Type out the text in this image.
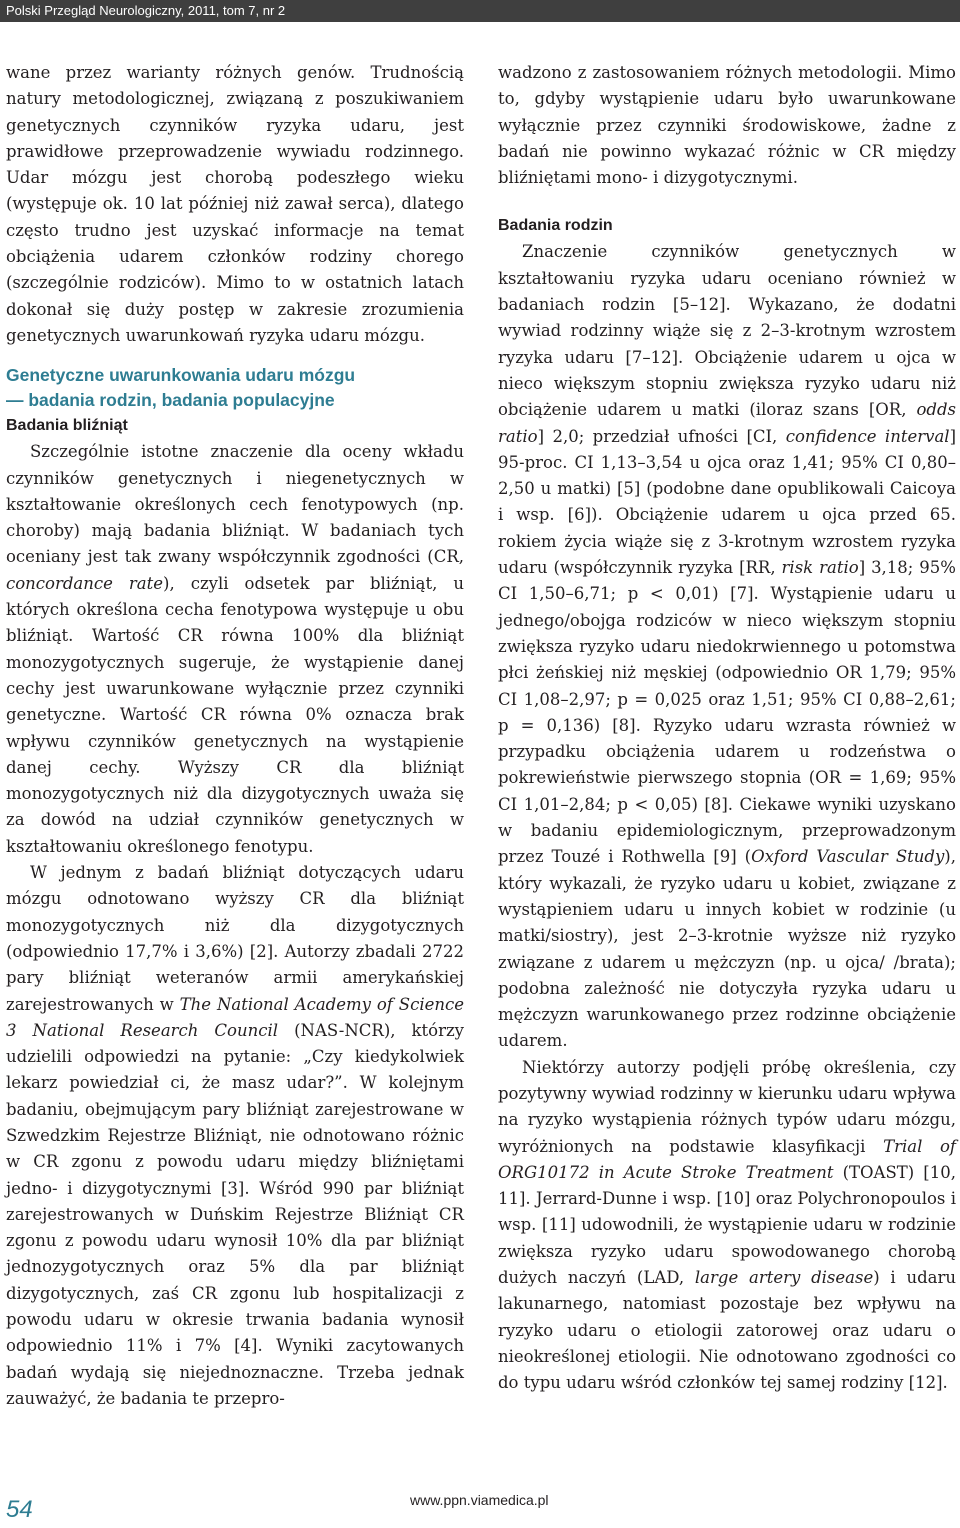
Polski Przegląd Neurologiczny, 2011, tom 7, nr 2

wane przez warianty różnych genów. Trudnością natury metodologicznej, związaną z poszukiwaniem genetycznych czynników ryzyka udaru, jest prawidłowe przeprowadzenie wywiadu rodzinnego. Udar mózgu jest chorobą podeszłego wieku (występuje ok. 10 lat później niż zawał serca), dlatego często trudno jest uzyskać informacje na temat obciążenia udarem członków rodziny chorego (szczególnie rodziców). Mimo to w ostatnich latach dokonał się duży postęp w zakresie zrozumienia genetycznych uwarunkowań ryzyka udaru mózgu.

Genetyczne uwarunkowania udaru mózgu
— badania rodzin, badania populacyjne
Badania bliźniąt

Szczególnie istotne znaczenie dla oceny wkładu czynników genetycznych i niegenetycznych w kształtowanie określonych cech fenotypowych (np. choroby) mają badania bliźniąt. W badaniach tych oceniany jest tak zwany współczynnik zgodności (CR, concordance rate), czyli odsetek par bliźniąt, u których określona cecha fenotypowa występuje u obu bliźniąt. Wartość CR równa 100% dla bliźniąt monozygotycznych sugeruje, że wystąpienie danej cechy jest uwarunkowane wyłącznie przez czynniki genetyczne. Wartość CR równa 0% oznacza brak wpływu czynników genetycznych na wystąpienie danej cechy. Wyższy CR dla bliźniąt monozygotycznych niż dla dizygotycznych uważa się za dowód na udział czynników genetycznych w kształtowaniu określonego fenotypu.

W jednym z badań bliźniąt dotyczących udaru mózgu odnotowano wyższy CR dla bliźniąt monozygotycznych niż dla dizygotycznych (odpowiednio 17,7% i 3,6%) [2]. Autorzy zbadali 2722 pary bliźniąt weteranów armii amerykańskiej zarejestrowanych w The National Academy of Science 3 National Research Council (NAS-NCR), którzy udzielili odpowiedzi na pytanie: „Czy kiedykolwiek lekarz powiedział ci, że masz udar?”. W kolejnym badaniu, obejmującym pary bliźniąt zarejestrowane w Szwedzkim Rejestrze Bliźniąt, nie odnotowano różnic w CR zgonu z powodu udaru między bliźniętami jedno- i dizygotycznymi [3]. Wśród 990 par bliźniąt zarejestrowanych w Duńskim Rejestrze Bliźniąt CR zgonu z powodu udaru wynosił 10% dla par bliźniąt jednozygotycznych oraz 5% dla par bliźniąt dizygotycznych, zaś CR zgonu lub hospitalizacji z powodu udaru w okresie trwania badania wynosił odpowiednio 11% i 7% [4]. Wyniki zacytowanych badań wydają się niejednoznaczne. Trzeba jednak zauważyć, że badania te przepro-

wadzono z zastosowaniem różnych metodologii. Mimo to, gdyby wystąpienie udaru było uwarunkowane wyłącznie przez czynniki środowiskowe, żadne z badań nie powinno wykazać różnic w CR między bliźniętami mono- i dizygotycznymi.

Badania rodzin

Znaczenie czynników genetycznych w kształtowaniu ryzyka udaru oceniano również w badaniach rodzin [5–12]. Wykazano, że dodatni wywiad rodzinny wiąże się z 2–3-krotnym wzrostem ryzyka udaru [7–12]. Obciążenie udarem u ojca w nieco większym stopniu zwiększa ryzyko udaru niż obciążenie udarem u matki (iloraz szans [OR, odds ratio] 2,0; przedział ufności [CI, confidence interval] 95-proc. CI 1,13–3,54 u ojca oraz 1,41; 95% CI 0,80–2,50 u matki) [5] (podobne dane opublikowali Caicoya i wsp. [6]). Obciążenie udarem u ojca przed 65. rokiem życia wiąże się z 3-krotnym wzrostem ryzyka udaru (współczynnik ryzyka [RR, risk ratio] 3,18; 95% CI 1,50–6,71; p < 0,01) [7]. Wystąpienie udaru u jednego/obojga rodziców w nieco większym stopniu zwiększa ryzyko udaru niedokrwiennego u potomstwa płci żeńskiej niż męskiej (odpowiednio OR 1,79; 95% CI 1,08–2,97; p = 0,025 oraz 1,51; 95% CI 0,88–2,61; p = 0,136) [8]. Ryzyko udaru wzrasta również w przypadku obciążenia udarem u rodzeństwa o pokrewieństwie pierwszego stopnia (OR = 1,69; 95% CI 1,01–2,84; p < 0,05) [8]. Ciekawe wyniki uzyskano w badaniu epidemiologicznym, przeprowadzonym przez Touzé i Rothwella [9] (Oxford Vascular Study), który wykazali, że ryzyko udaru u kobiet, związane z wystąpieniem udaru u innych kobiet w rodzinie (u matki/siostry), jest 2–3-krotnie wyższe niż ryzyko związane z udarem u mężczyzn (np. u ojca/ /brata); podobna zależność nie dotyczyła ryzyka udaru u mężczyzn warunkowanego przez rodzinne obciążenie udarem.

Niektórzy autorzy podjęli próbę określenia, czy pozytywny wywiad rodzinny w kierunku udaru wpływa na ryzyko wystąpienia różnych typów udaru mózgu, wyróżnionych na podstawie klasyfikacji Trial of ORG10172 in Acute Stroke Treatment (TOAST) [10, 11]. Jerrard-Dunne i wsp. [10] oraz Polychronopoulos i wsp. [11] udowodnili, że wystąpienie udaru w rodzinie zwiększa ryzyko udaru spowodowanego chorobą dużych naczyń (LAD, large artery disease) i udaru lakunarnego, natomiast pozostaje bez wpływu na ryzyko udaru o etiologii zatorowej oraz udaru o nieokreślonej etiologii. Nie odnotowano zgodności co do typu udaru wśród członków tej samej rodziny [12].

54	www.ppn.viamedica.pl
